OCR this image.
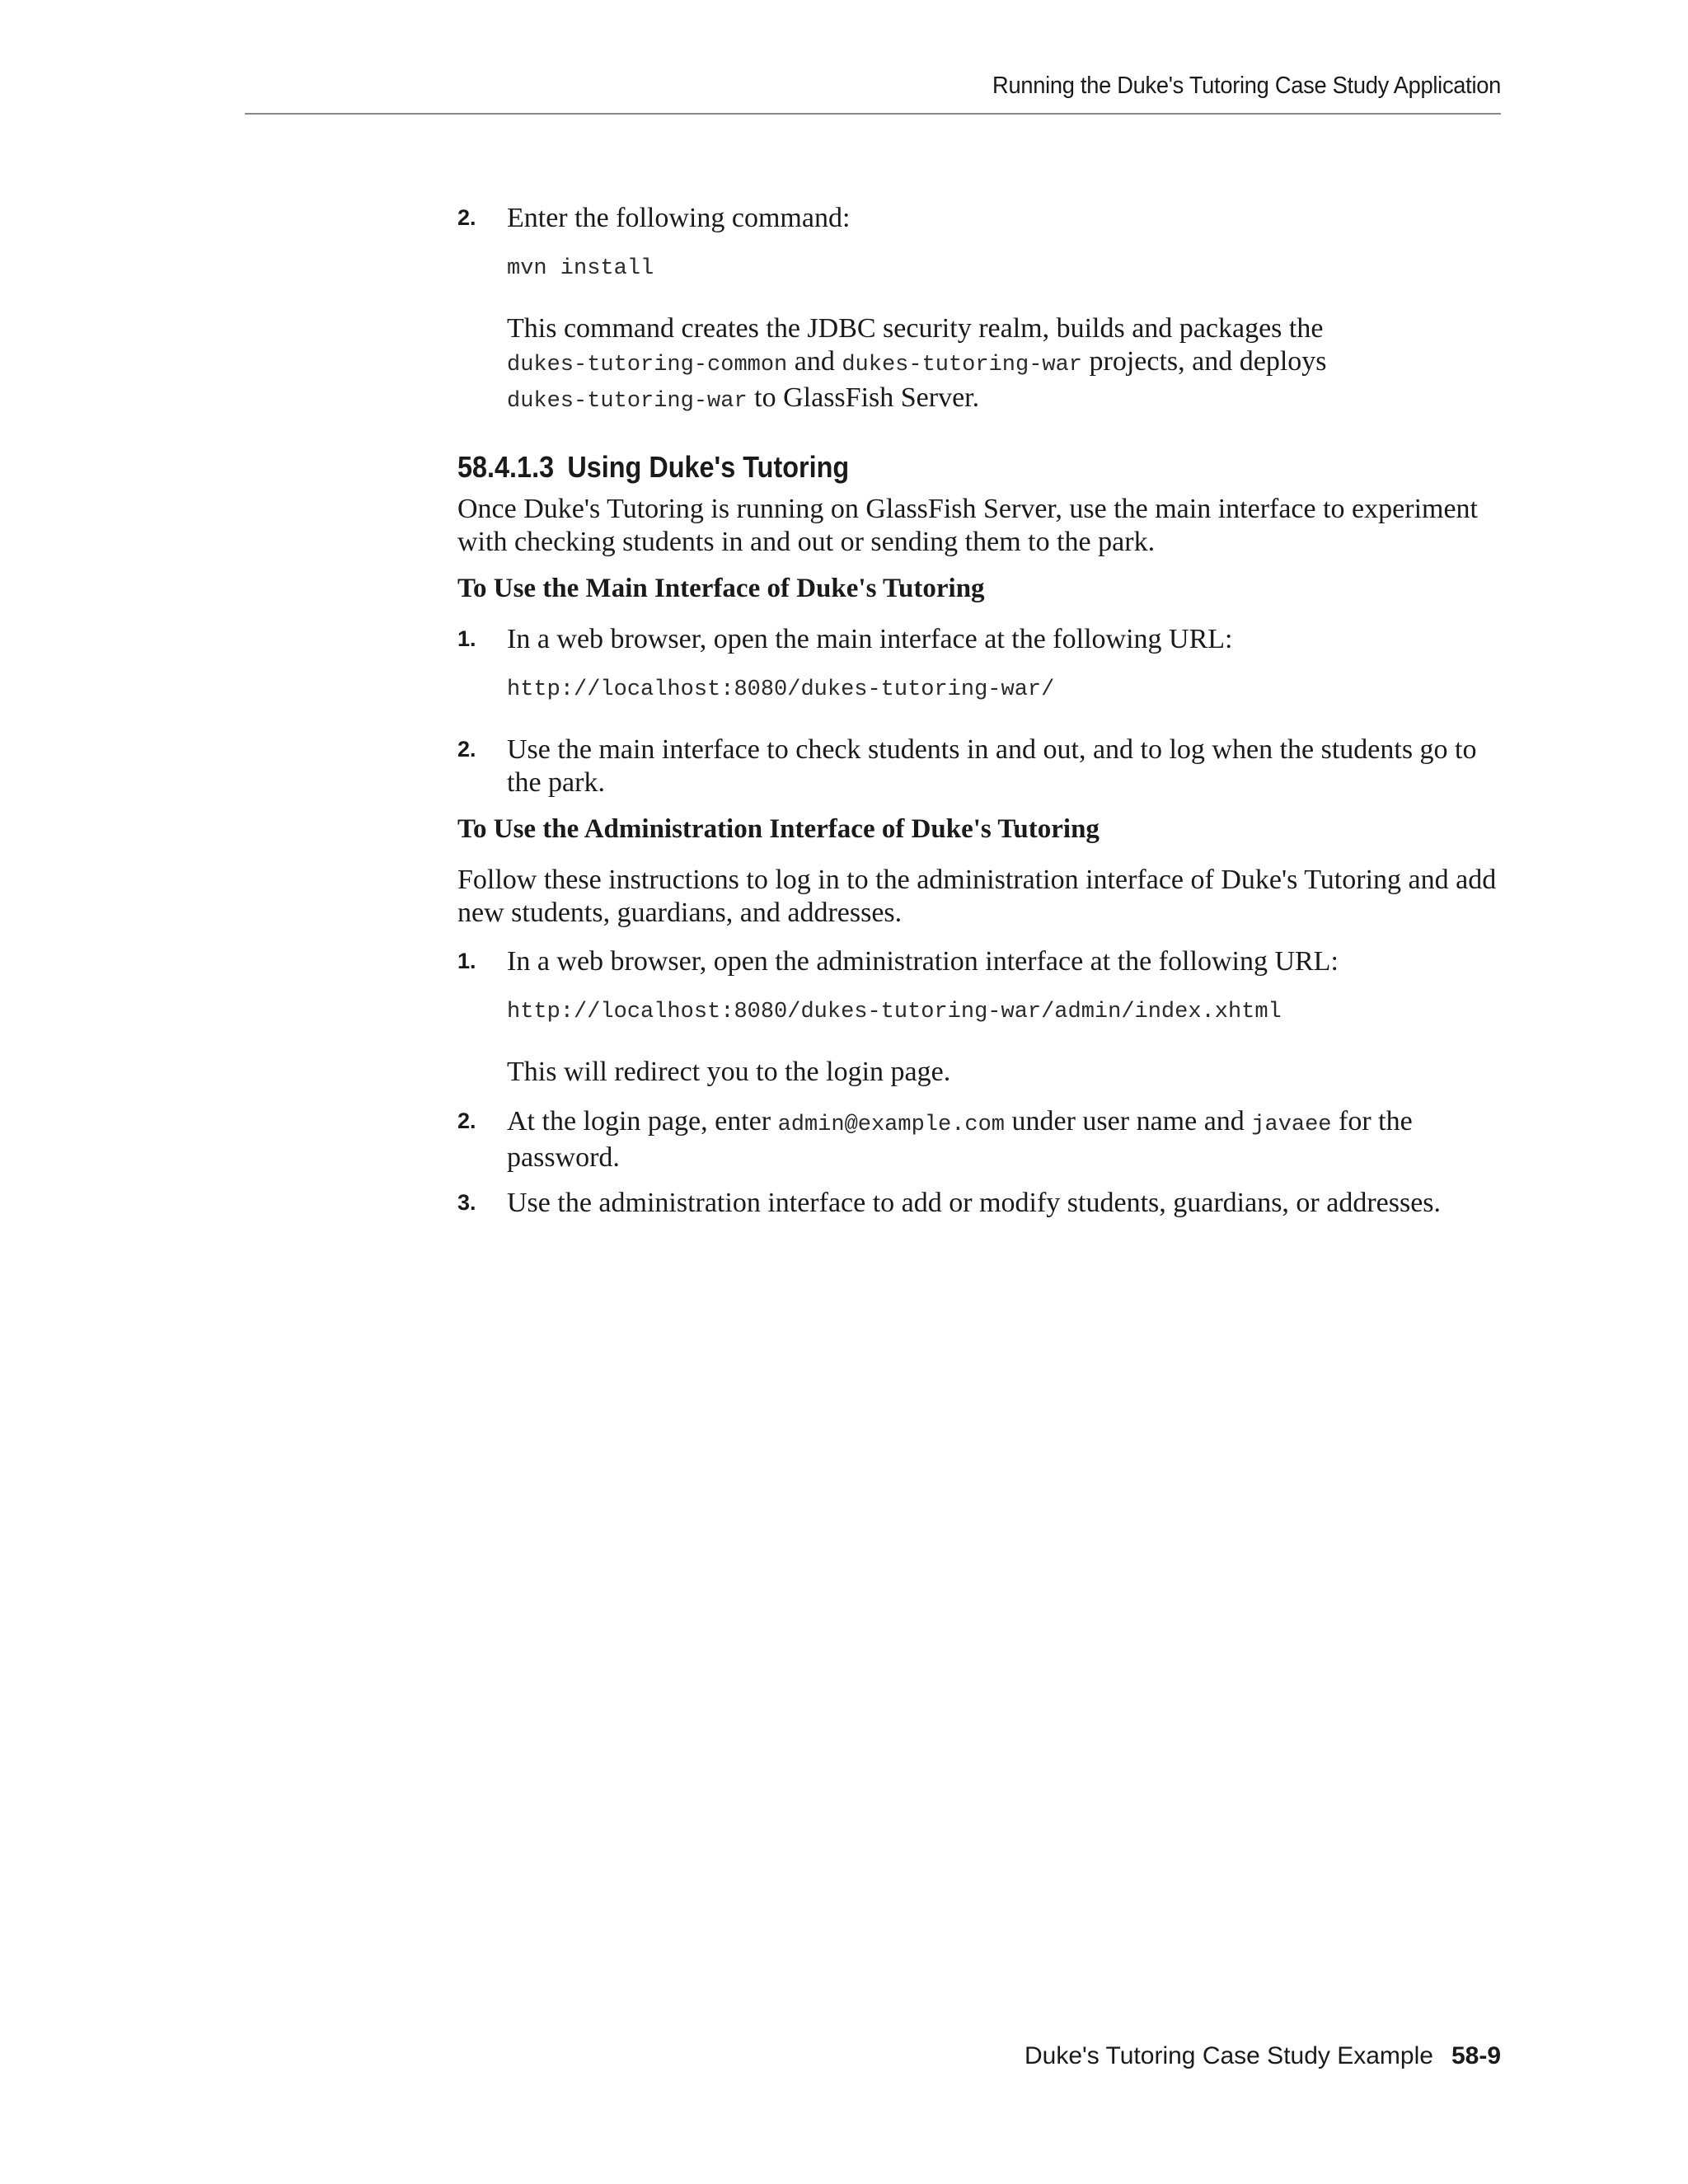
Running the Duke's Tutoring Case Study Application
2. Enter the following command:
mvn install
This command creates the JDBC security realm, builds and packages the
dukes-tutoring-common and dukes-tutoring-war projects, and deploys
dukes-tutoring-war to GlassFish Server.
58.4.1.3 Using Duke's Tutoring
Once Duke's Tutoring is running on GlassFish Server, use the main interface to experiment with checking students in and out or sending them to the park.
To Use the Main Interface of Duke's Tutoring
1. In a web browser, open the main interface at the following URL:
http://localhost:8080/dukes-tutoring-war/
2. Use the main interface to check students in and out, and to log when the students go to the park.
To Use the Administration Interface of Duke's Tutoring
Follow these instructions to log in to the administration interface of Duke's Tutoring and add new students, guardians, and addresses.
1. In a web browser, open the administration interface at the following URL:
http://localhost:8080/dukes-tutoring-war/admin/index.xhtml
This will redirect you to the login page.
2. At the login page, enter admin@example.com under user name and javaee for the password.
3. Use the administration interface to add or modify students, guardians, or addresses.
Duke's Tutoring Case Study Example 58-9
